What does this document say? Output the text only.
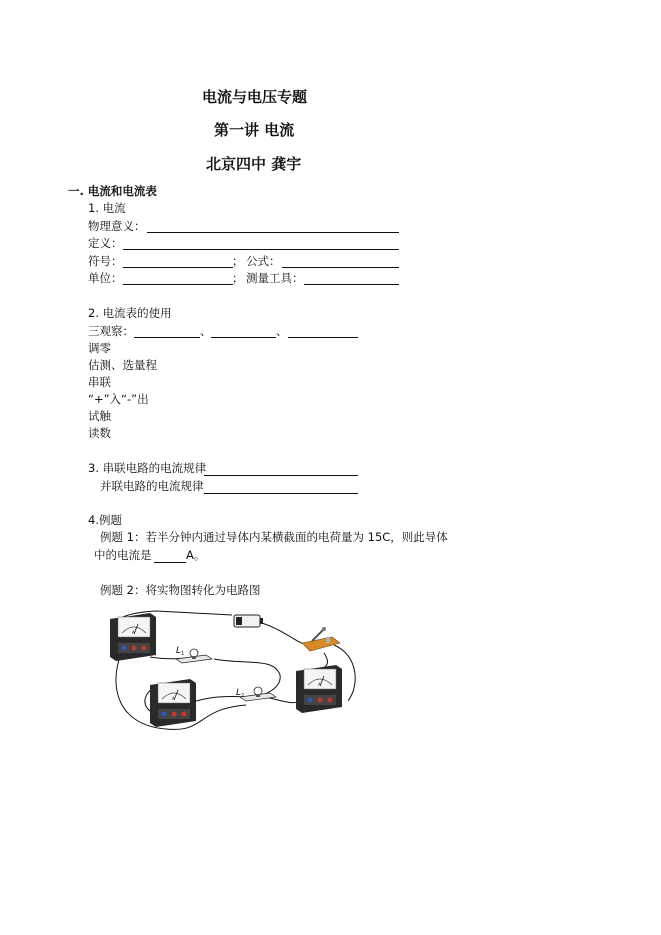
电流与电压专题
第一讲 电流
北京四中 龚宇
一. 电流和电流表
1. 电流
物理意义：
定义：
符号：	； 公式：
单位：	； 测量工具：
2. 电流表的使用
三观察：	、	、
调零
估测、选量程
串联
“+”入“-”出
试触
读数
3. 串联电路的电流规律
并联电路的电流规律
4.例题
例题 1：若半分钟内通过导体内某横截面的电荷量为 15C，则此导体
中的电流是	A。
例题 2：将实物图转化为电路图
A
L 1
L 2
A
A
